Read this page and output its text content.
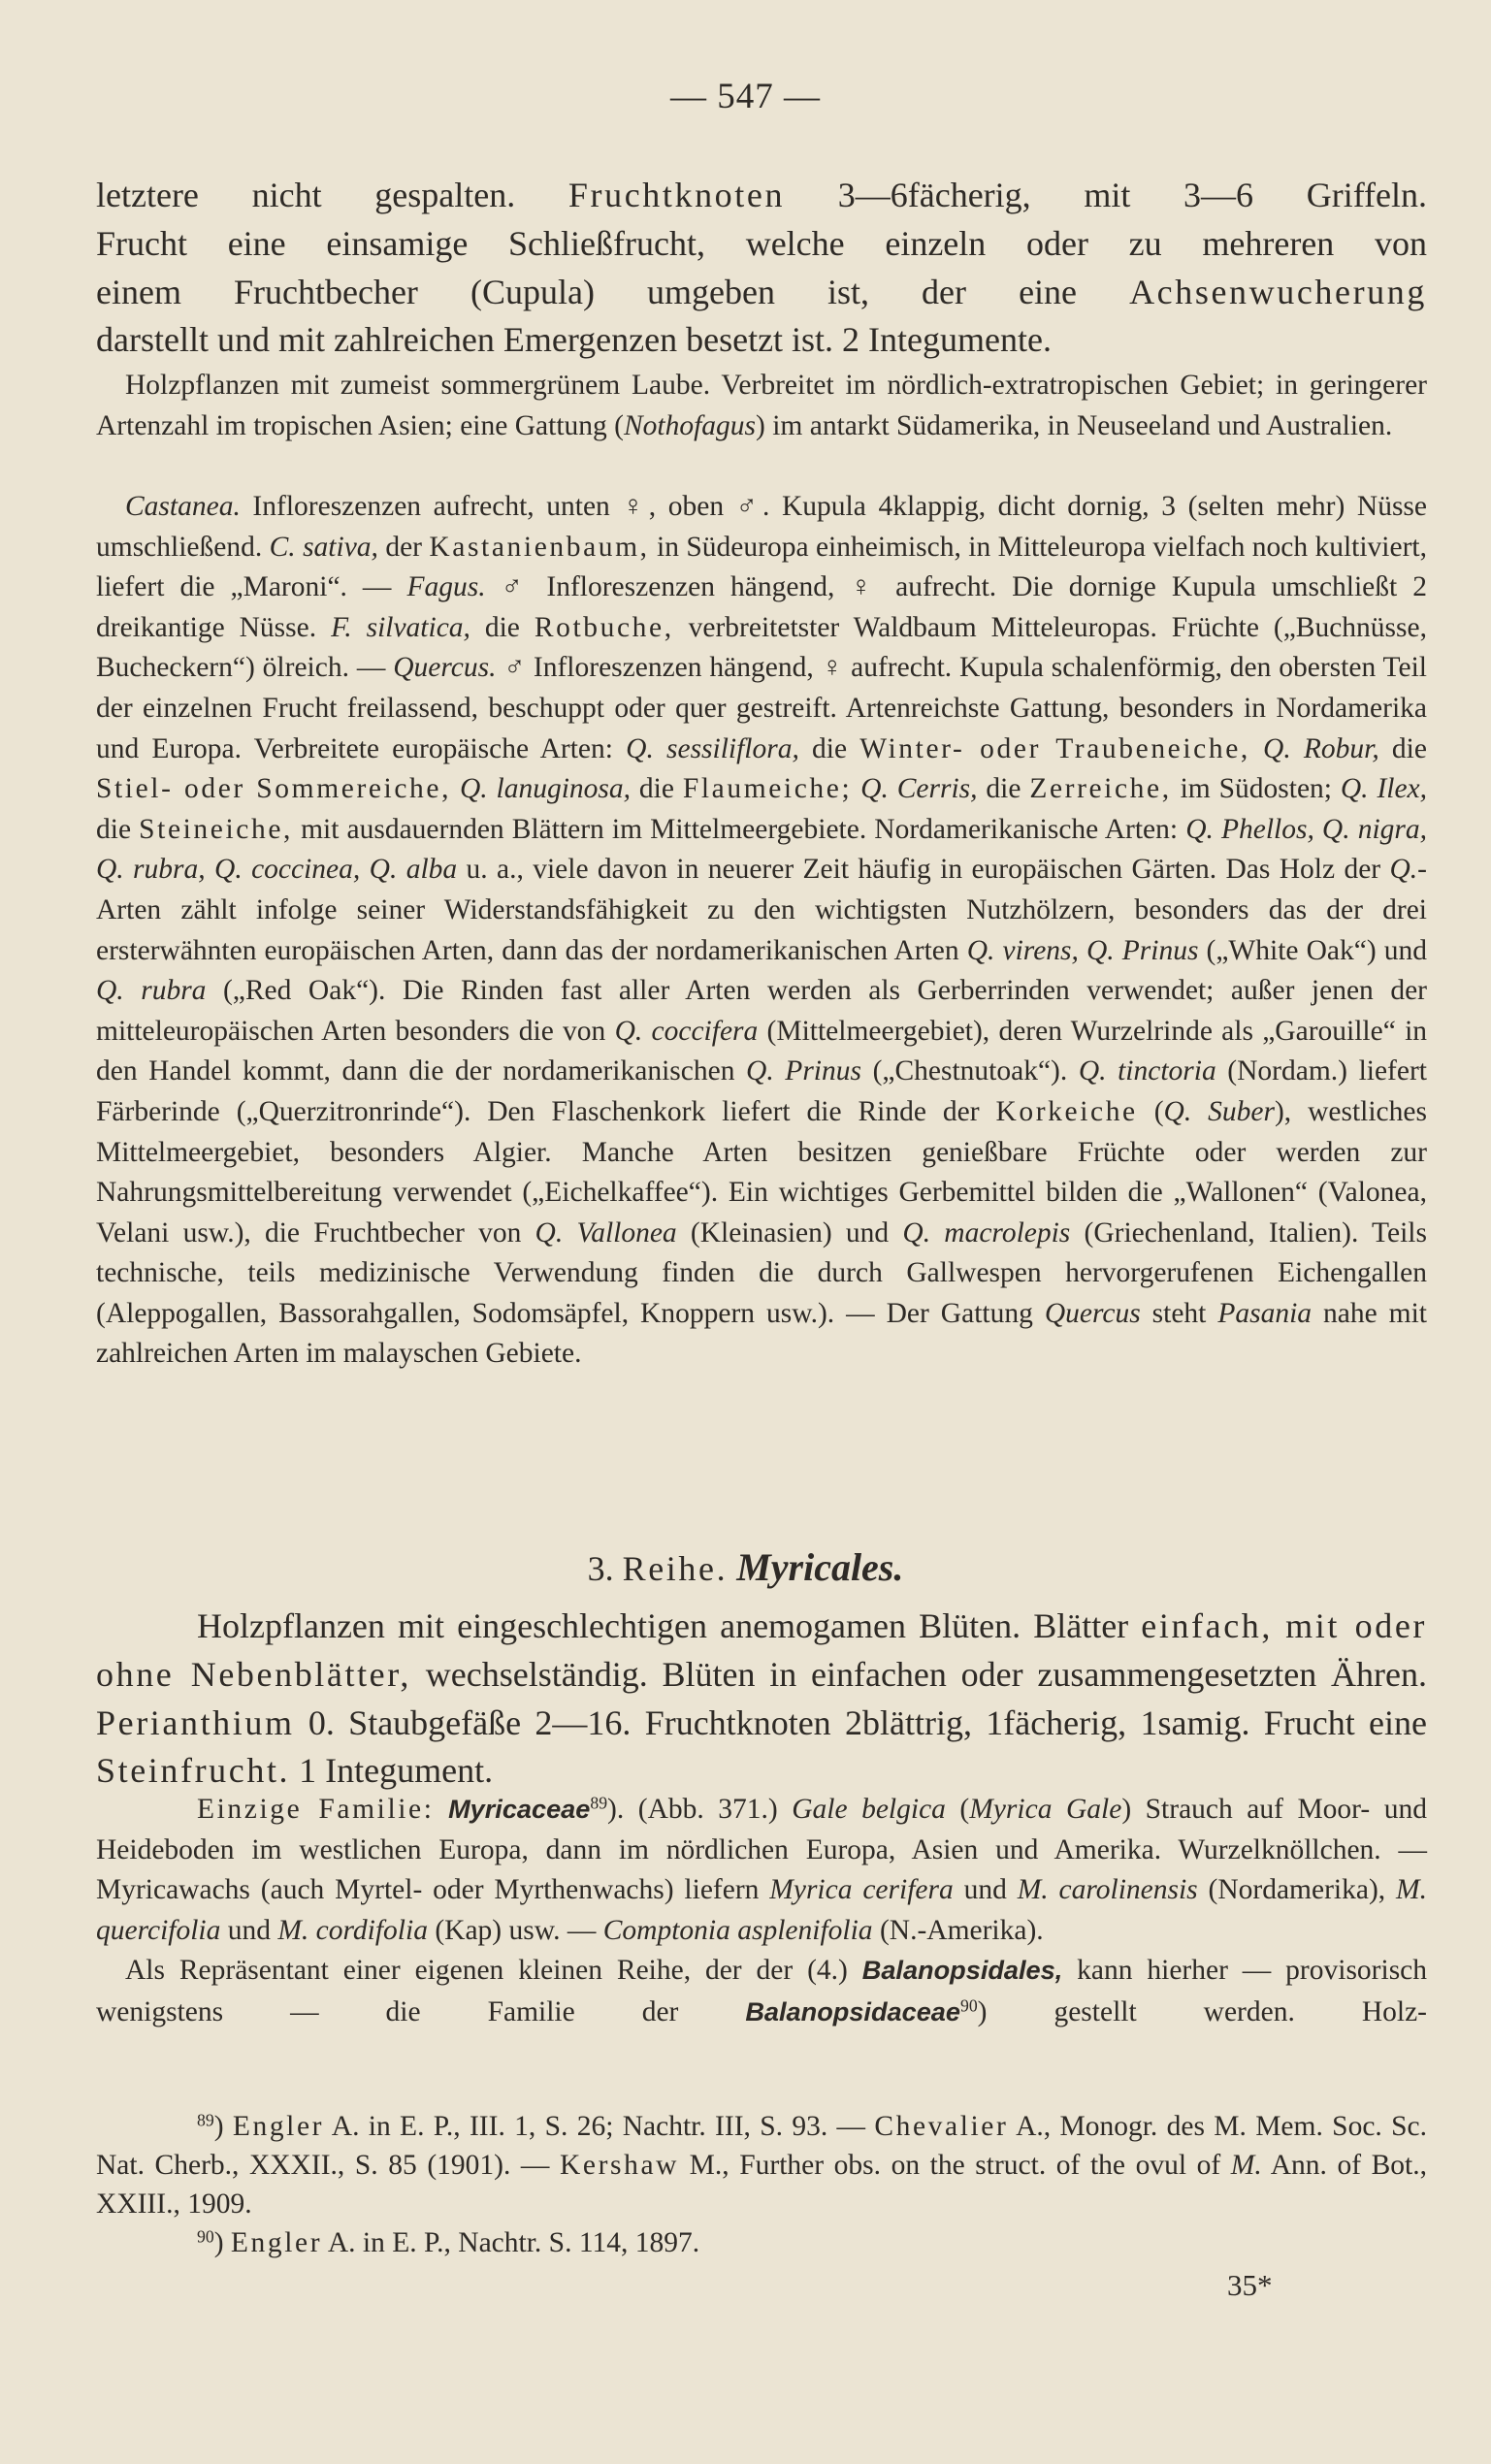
— 547 —

letztere nicht gespalten. Fruchtknoten 3—6fächerig, mit 3—6 Griffeln.

Frucht eine einsamige Schließfrucht, welche einzeln oder zu mehreren von

einem Fruchtbecher (Cupula) umgeben ist, der eine Achsenwucherung

darstellt und mit zahlreichen Emergenzen besetzt ist. 2 Integumente.

Holzpflanzen mit zumeist sommergrünem Laube. Verbreitet im nördlich-extratropischen Gebiet; in geringerer Artenzahl im tropischen Asien; eine Gattung (Nothofagus) im antarkt Südamerika, in Neuseeland und Australien.

Castanea. Infloreszenzen aufrecht, unten ♀, oben ♂. Kupula 4klappig, dicht dornig, 3 (selten mehr) Nüsse umschließend. C. sativa, der Kastanienbaum, in Südeuropa einheimisch, in Mitteleuropa vielfach noch kultiviert, liefert die „Maroni“. — Fagus. ♂ Infloreszenzen hängend, ♀ aufrecht. Die dornige Kupula umschließt 2 dreikantige Nüsse. F. silvatica, die Rotbuche, verbreitetster Waldbaum Mitteleuropas. Früchte („Buchnüsse, Bucheckern“) ölreich. — Quercus. ♂ Infloreszenzen hängend, ♀ aufrecht. Kupula schalenförmig, den obersten Teil der einzelnen Frucht freilassend, beschuppt oder quer gestreift. Artenreichste Gattung, besonders in Nordamerika und Europa. Verbreitete europäische Arten: Q. sessiliflora, die Winter- oder Traubeneiche, Q. Robur, die Stiel- oder Sommereiche, Q. lanuginosa, die Flaumeiche; Q. Cerris, die Zerreiche, im Südosten; Q. Ilex, die Steineiche, mit ausdauernden Blättern im Mittelmeergebiete. Nordamerikanische Arten: Q. Phellos, Q. nigra, Q. rubra, Q. coccinea, Q. alba u. a., viele davon in neuerer Zeit häufig in europäischen Gärten. Das Holz der Q.-Arten zählt infolge seiner Widerstandsfähigkeit zu den wichtigsten Nutzhölzern, besonders das der drei ersterwähnten europäischen Arten, dann das der nordamerikanischen Arten Q. virens, Q. Prinus („White Oak“) und Q. rubra („Red Oak“). Die Rinden fast aller Arten werden als Gerberrinden verwendet; außer jenen der mitteleuropäischen Arten besonders die von Q. coccifera (Mittelmeergebiet), deren Wurzelrinde als „Garouille“ in den Handel kommt, dann die der nordamerikanischen Q. Prinus („Chestnutoak“). Q. tinctoria (Nordam.) liefert Färberinde („Querzitronrinde“). Den Flaschenkork liefert die Rinde der Korkeiche (Q. Suber), westliches Mittelmeergebiet, besonders Algier. Manche Arten besitzen genießbare Früchte oder werden zur Nahrungsmittelbereitung verwendet („Eichelkaffee“). Ein wichtiges Gerbemittel bilden die „Wallonen“ (Valonea, Velani usw.), die Fruchtbecher von Q. Vallonea (Kleinasien) und Q. macrolepis (Griechenland, Italien). Teils technische, teils medizinische Verwendung finden die durch Gallwespen hervorgerufenen Eichengallen (Aleppogallen, Bassorahgallen, Sodomsäpfel, Knoppern usw.). — Der Gattung Quercus steht Pasania nahe mit zahlreichen Arten im malayschen Gebiete.

3. Reihe. Myricales.

Holzpflanzen mit eingeschlechtigen anemogamen Blüten. Blätter einfach, mit oder ohne Nebenblätter, wechselständig. Blüten in einfachen oder zusammengesetzten Ähren. Perianthium 0. Staubgefäße 2—16. Fruchtknoten 2blättrig, 1fächerig, 1samig. Frucht eine Steinfrucht. 1 Integument.

Einzige Familie: Myricaceae$^{89}$). (Abb. 371.) Gale belgica (Myrica Gale) Strauch auf Moor- und Heideboden im westlichen Europa, dann im nördlichen Europa, Asien und Amerika. Wurzelknöllchen. — Myricawachs (auch Myrtel- oder Myrthenwachs) liefern Myrica cerifera und M. carolinensis (Nordamerika), M. quercifolia und M. cordifolia (Kap) usw. — Comptonia asplenifolia (N.-Amerika).

Als Repräsentant einer eigenen kleinen Reihe, der der (4.) Balanopsidales, kann hierher — provisorisch wenigstens — die Familie der Balanopsidaceae$^{90}$) gestellt werden. Holz-

$^{89}$) Engler A. in E. P., III. 1, S. 26; Nachtr. III, S. 93. — Chevalier A., Monogr. des M. Mem. Soc. Sc. Nat. Cherb., XXXII., S. 85 (1901). — Kershaw M., Further obs. on the struct. of the ovul of M. Ann. of Bot., XXIII., 1909.

$^{90}$) Engler A. in E. P., Nachtr. S. 114, 1897.

35*
